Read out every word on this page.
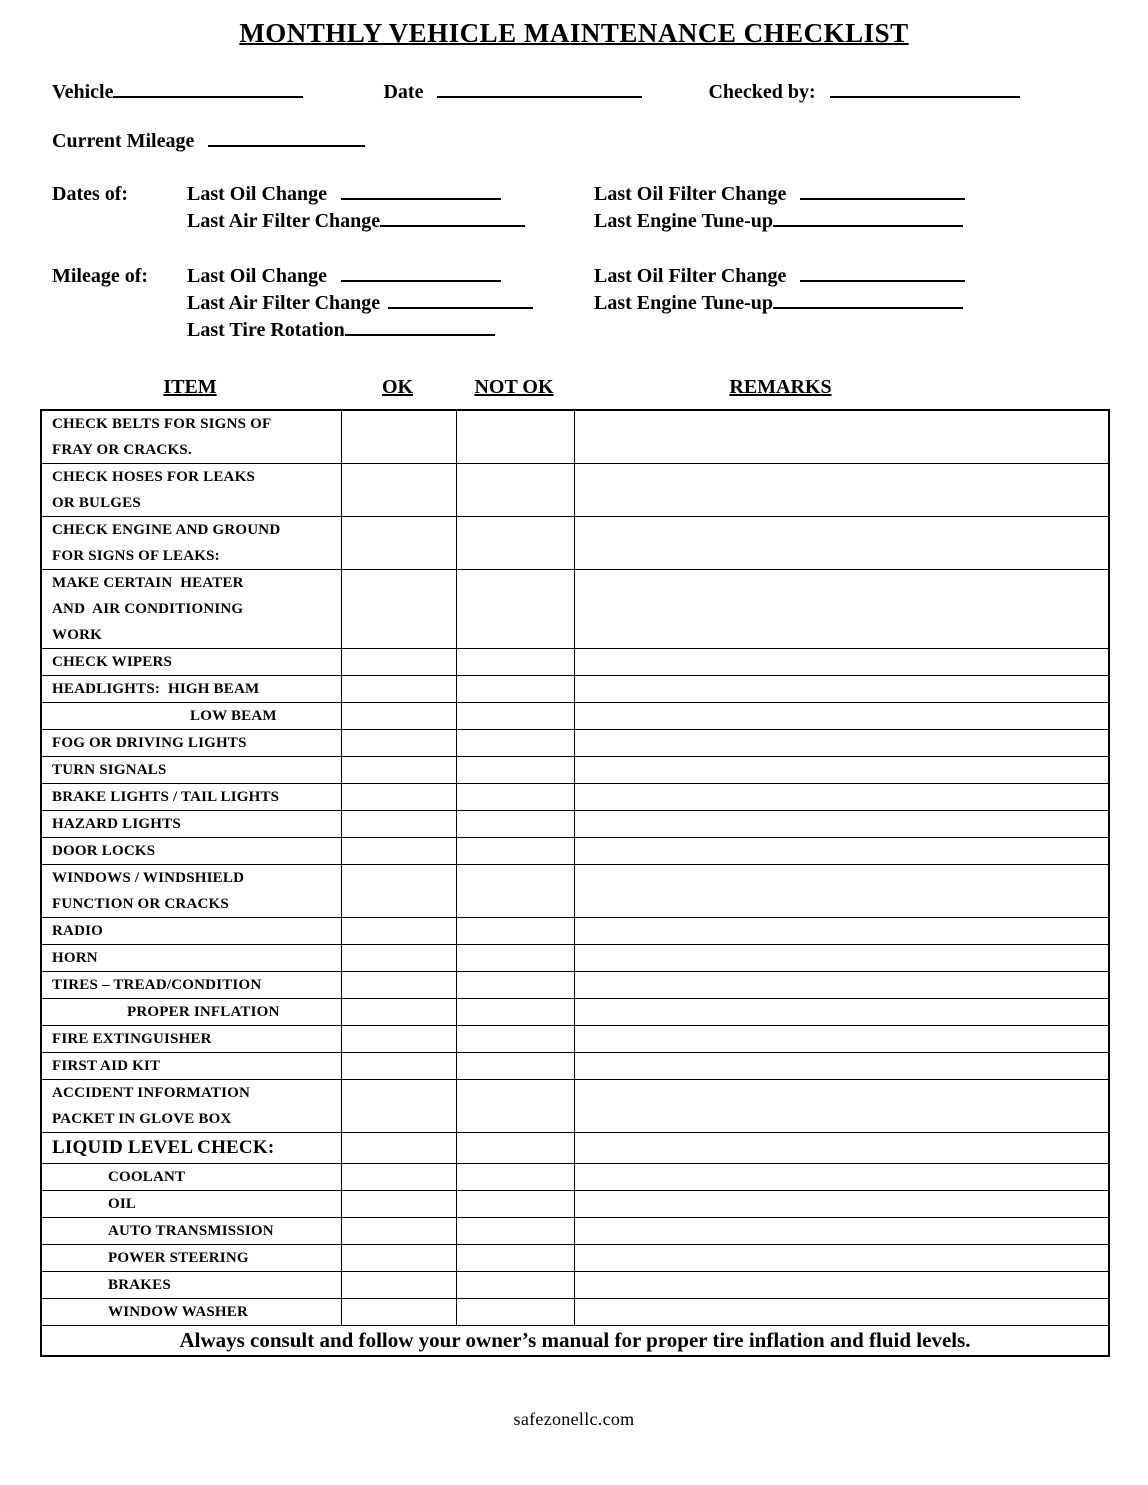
MONTHLY VEHICLE MAINTENANCE CHECKLIST
Vehicle	Date	Checked by:
Current Mileage
Dates of:	Last Oil Change	Last Oil Filter Change
Last Air Filter Change	Last Engine Tune-up
Mileage of:	Last Oil Change	Last Oil Filter Change
Last Air Filter Change	Last Engine Tune-up
Last Tire Rotation
ITEM	OK	NOT OK	REMARKS
CHECK BELTS FOR SIGNS OF
FRAY OR CRACKS.			

CHECK HOSES FOR LEAKS
OR BULGES			

CHECK ENGINE AND GROUND
FOR SIGNS OF LEAKS:			

MAKE CERTAIN  HEATER
AND  AIR CONDITIONING
WORK			

CHECK WIPERS			

HEADLIGHTS:  HIGH BEAM			

LOW BEAM			

FOG OR DRIVING LIGHTS			

TURN SIGNALS			

BRAKE LIGHTS / TAIL LIGHTS			

HAZARD LIGHTS			

DOOR LOCKS			

WINDOWS / WINDSHIELD
FUNCTION OR CRACKS			

RADIO			

HORN			

TIRES – TREAD/CONDITION			

PROPER INFLATION			

FIRE EXTINGUISHER			

FIRST AID KIT			

ACCIDENT INFORMATION
PACKET IN GLOVE BOX			

LIQUID LEVEL CHECK:			

COOLANT			

OIL			

AUTO TRANSMISSION			

POWER STEERING			

BRAKES			

WINDOW WASHER			

Always consult and follow your owner’s manual for proper tire inflation and fluid levels.			
safezonellc.com
